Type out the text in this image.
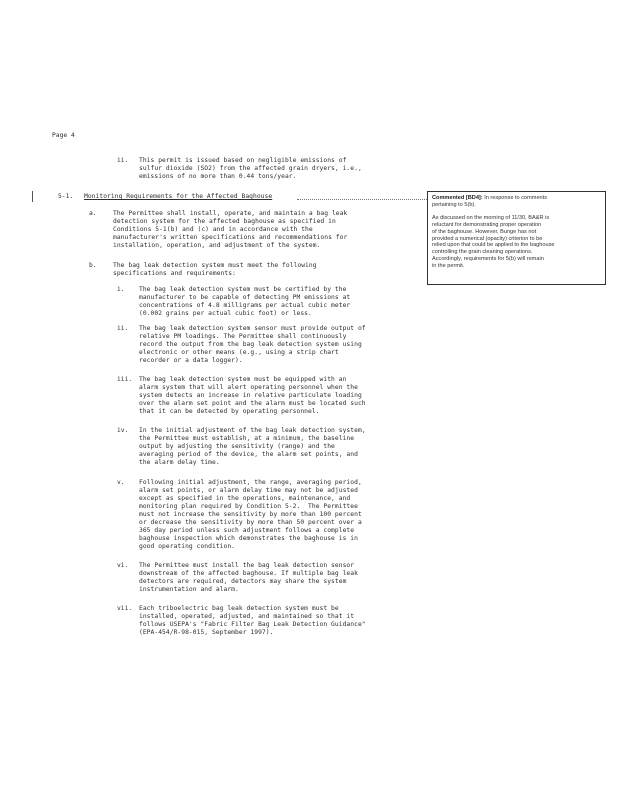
Page 4
ii. This permit is issued based on negligible emissions of
sulfur dioxide (SO2) from the affected grain dryers, i.e.,
emissions of no more than 0.44 tons/year.
5-1. Monitoring Requirements for the Affected Baghouse	Commented [BD4]: In response to comments

pertaining to 5(b).

As discussed on the morning of 11/30, BA&R is

reluctant for demonstrating proper operation

of the baghouse. However, Bunge has not

provided a numerical (opacity) criterion to be

relied upon that could be applied to the baghouse

controlling the grain cleaning operations.

Accordingly, requirements for 5(b) will remain

in the permit.

a.	The Permittee shall install, operate, and maintain a bag leak
detection system for the affected baghouse as specified in
Conditions 5-1(b) and (c) and in accordance with the
manufacturer's written specifications and recommendations for
installation, operation, and adjustment of the system.
b.	The bag leak detection system must meet the following
specifications and requirements:
i. The bag leak detection system must be certified by the
manufacturer to be capable of detecting PM emissions at
concentrations of 4.8 milligrams per actual cubic meter
(0.002 grains per actual cubic foot) or less.
ii. The bag leak detection system sensor must provide output of
relative PM loadings. The Permittee shall continuously
record the output from the bag leak detection system using
electronic or other means (e.g., using a strip chart
recorder or a data logger).
iii. The bag leak detection system must be equipped with an
alarm system that will alert operating personnel when the
system detects an increase in relative particulate loading
over the alarm set point and the alarm must be located such
that it can be detected by operating personnel.
iv. In the initial adjustment of the bag leak detection system,
the Permittee must establish, at a minimum, the baseline
output by adjusting the sensitivity (range) and the
averaging period of the device, the alarm set points, and
the alarm delay time.
v. Following initial adjustment, the range, averaging period,
alarm set points, or alarm delay time may not be adjusted
except as specified in the operations, maintenance, and
monitoring plan required by Condition 5-2.  The Permittee
must not increase the sensitivity by more than 100 percent
or decrease the sensitivity by more than 50 percent over a
365 day period unless such adjustment follows a complete
baghouse inspection which demonstrates the baghouse is in
good operating condition.
vi. The Permittee must install the bag leak detection sensor
downstream of the affected baghouse. If multiple bag leak
detectors are required, detectors may share the system
instrumentation and alarm.
vii. Each triboelectric bag leak detection system must be
installed, operated, adjusted, and maintained so that it
follows USEPA's "Fabric Filter Bag Leak Detection Guidance"
(EPA-454/R-98-015, September 1997).
